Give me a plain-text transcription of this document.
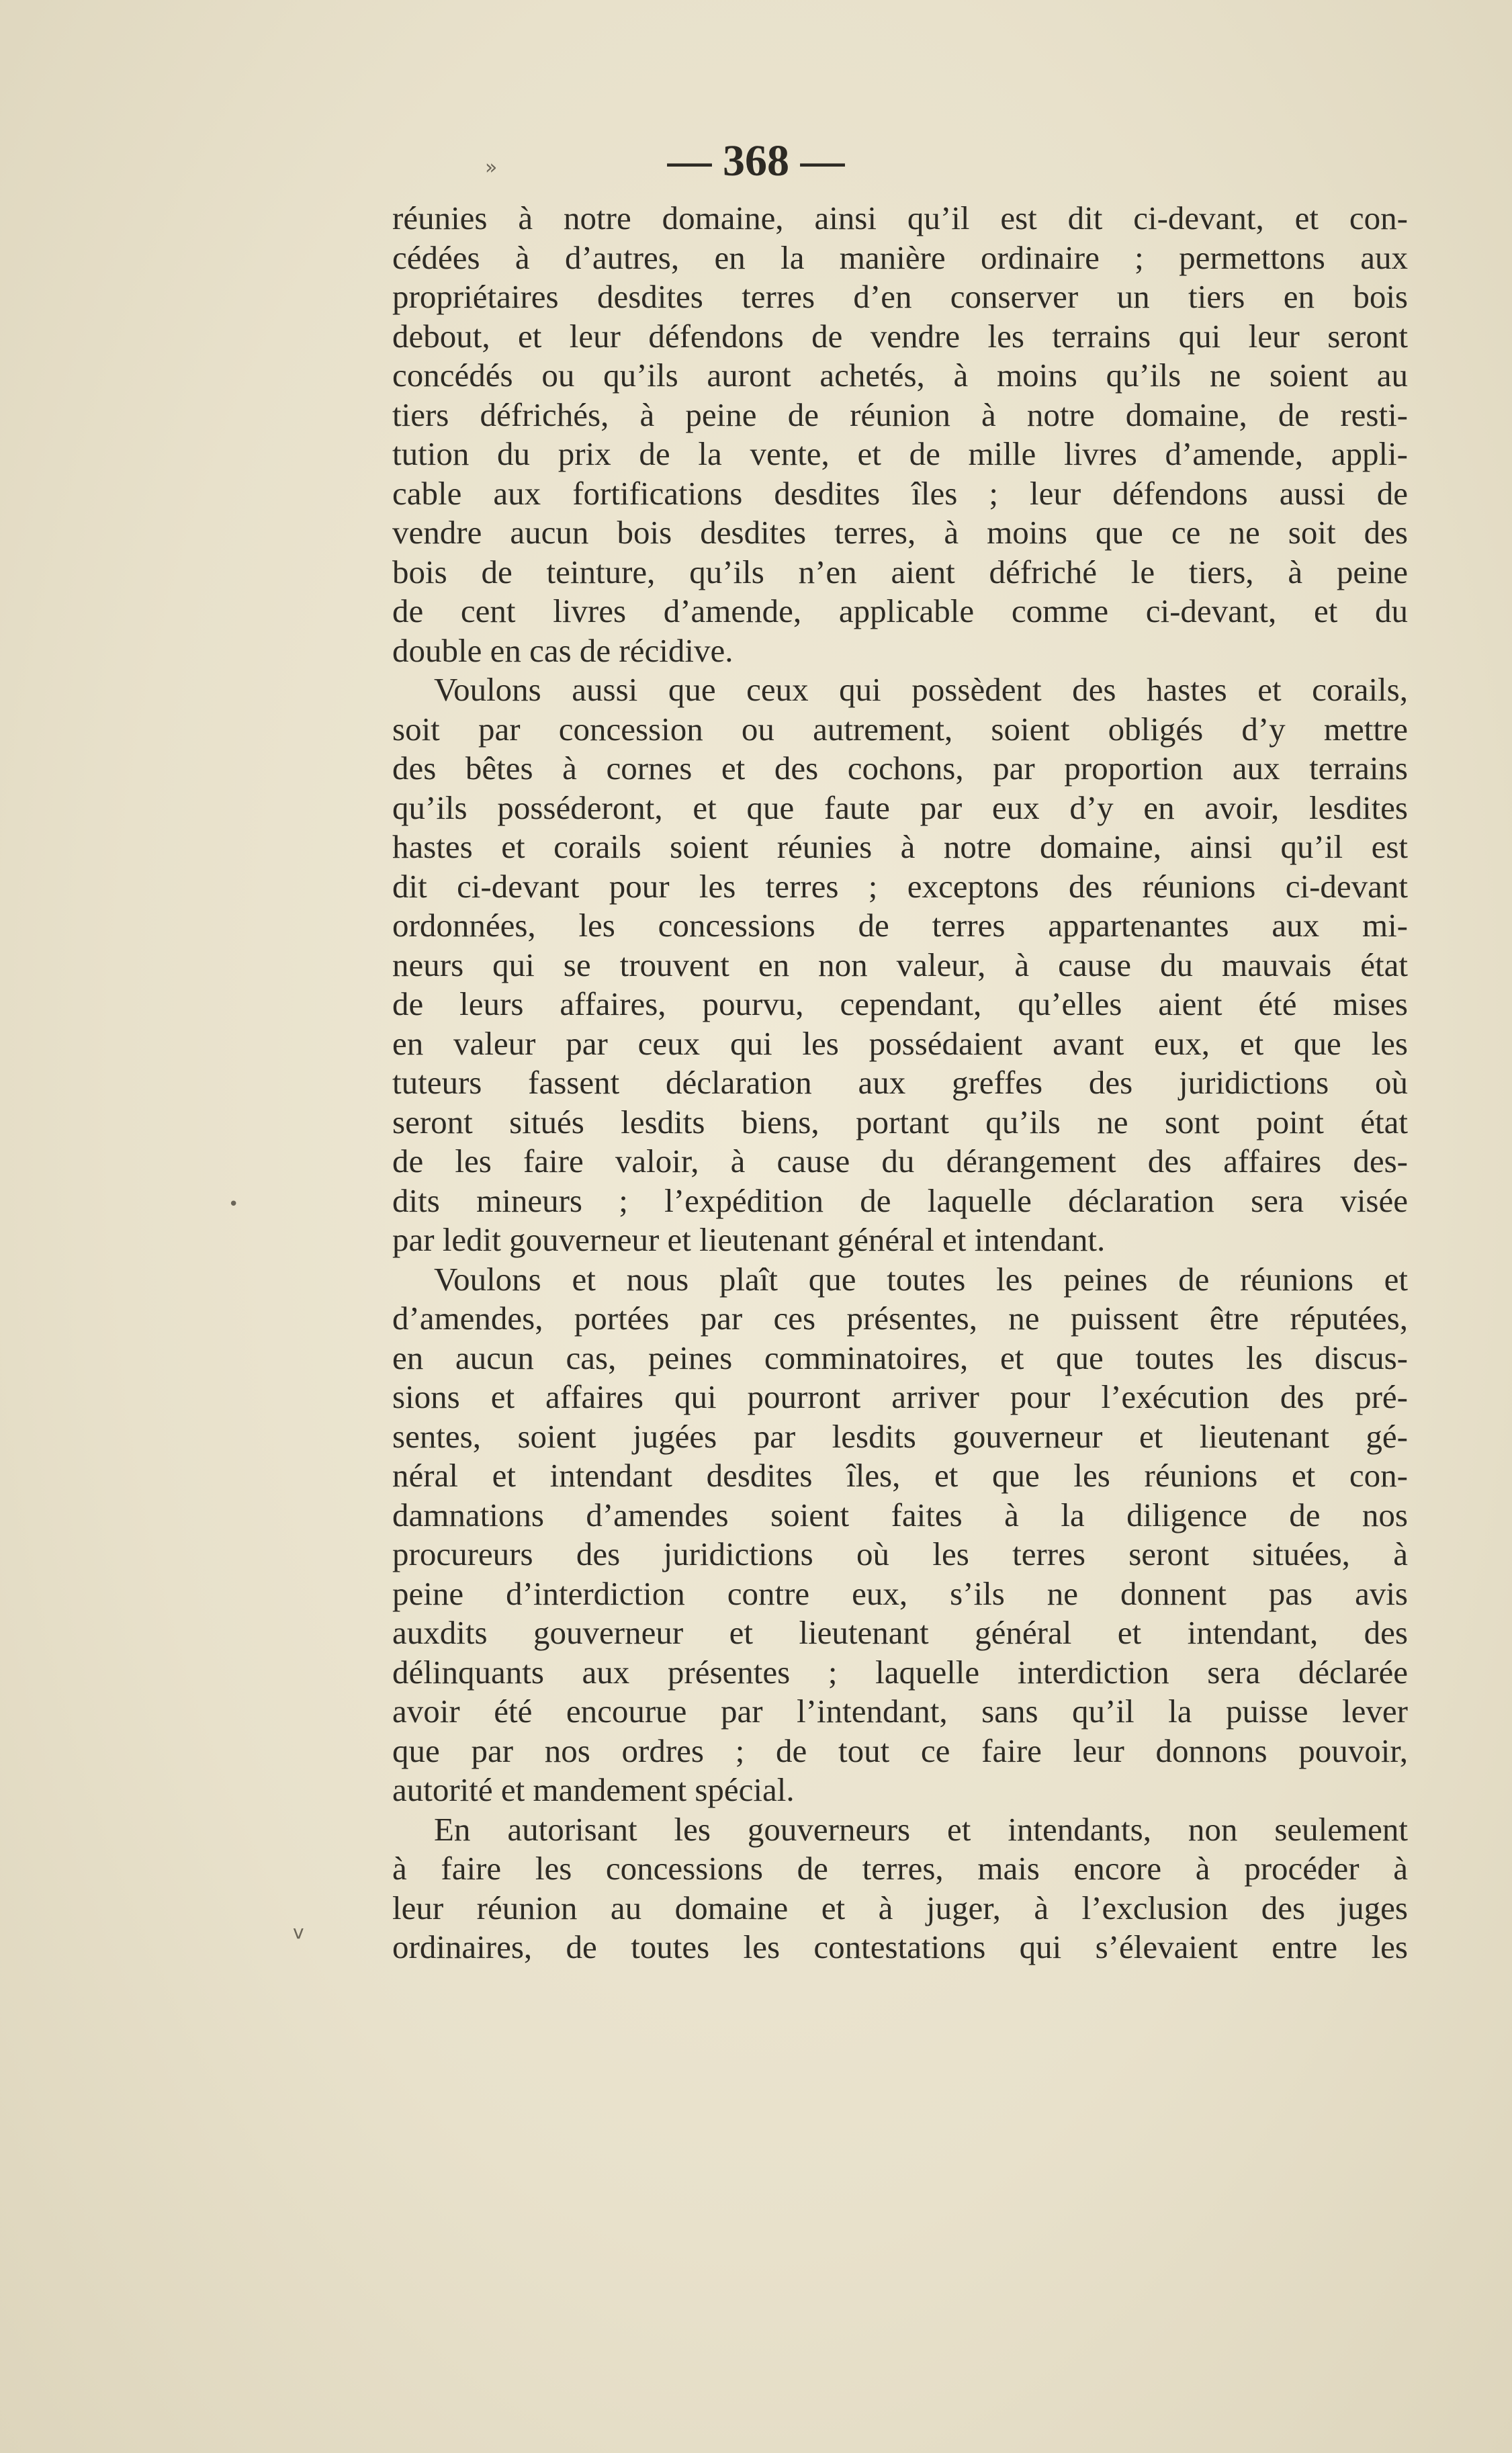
— 368 —
»
v
•
réunies à notre domaine, ainsi qu’il est dit ci-devant, et con-
cédées à d’autres, en la manière ordinaire ; permettons aux
propriétaires desdites terres d’en conserver un tiers en bois
debout, et leur défendons de vendre les terrains qui leur seront
concédés ou qu’ils auront achetés, à moins qu’ils ne soient au
tiers défrichés, à peine de réunion à notre domaine, de resti-
tution du prix de la vente, et de mille livres d’amende, appli-
cable aux fortifications desdites îles ; leur défendons aussi de
vendre aucun bois desdites terres, à moins que ce ne soit des
bois de teinture, qu’ils n’en aient défriché le tiers, à peine
de cent livres d’amende, applicable comme ci-devant, et du
double en cas de récidive.
Voulons aussi que ceux qui possèdent des hastes et corails,
soit par concession ou autrement, soient obligés d’y mettre
des bêtes à cornes et des cochons, par proportion aux terrains
qu’ils posséderont, et que faute par eux d’y en avoir, lesdites
hastes et corails soient réunies à notre domaine, ainsi qu’il est
dit ci-devant pour les terres ; exceptons des réunions ci-devant
ordonnées, les concessions de terres appartenantes aux mi-
neurs qui se trouvent en non valeur, à cause du mauvais état
de leurs affaires, pourvu, cependant, qu’elles aient été mises
en valeur par ceux qui les possédaient avant eux, et que les
tuteurs fassent déclaration aux greffes des juridictions où
seront situés lesdits biens, portant qu’ils ne sont point état
de les faire valoir, à cause du dérangement des affaires des-
dits mineurs ; l’expédition de laquelle déclaration sera visée
par ledit gouverneur et lieutenant général et intendant.
Voulons et nous plaît que toutes les peines de réunions et
d’amendes, portées par ces présentes, ne puissent être réputées,
en aucun cas, peines comminatoires, et que toutes les discus-
sions et affaires qui pourront arriver pour l’exécution des pré-
sentes, soient jugées par lesdits gouverneur et lieutenant gé-
néral et intendant desdites îles, et que les réunions et con-
damnations d’amendes soient faites à la diligence de nos
procureurs des juridictions où les terres seront situées, à
peine d’interdiction contre eux, s’ils ne donnent pas avis
auxdits gouverneur et lieutenant général et intendant, des
délinquants aux présentes ; laquelle interdiction sera déclarée
avoir été encourue par l’intendant, sans qu’il la puisse lever
que par nos ordres ; de tout ce faire leur donnons pouvoir,
autorité et mandement spécial.
En autorisant les gouverneurs et intendants, non seulement
à faire les concessions de terres, mais encore à procéder à
leur réunion au domaine et à juger, à l’exclusion des juges
ordinaires, de toutes les contestations qui s’élevaient entre les
